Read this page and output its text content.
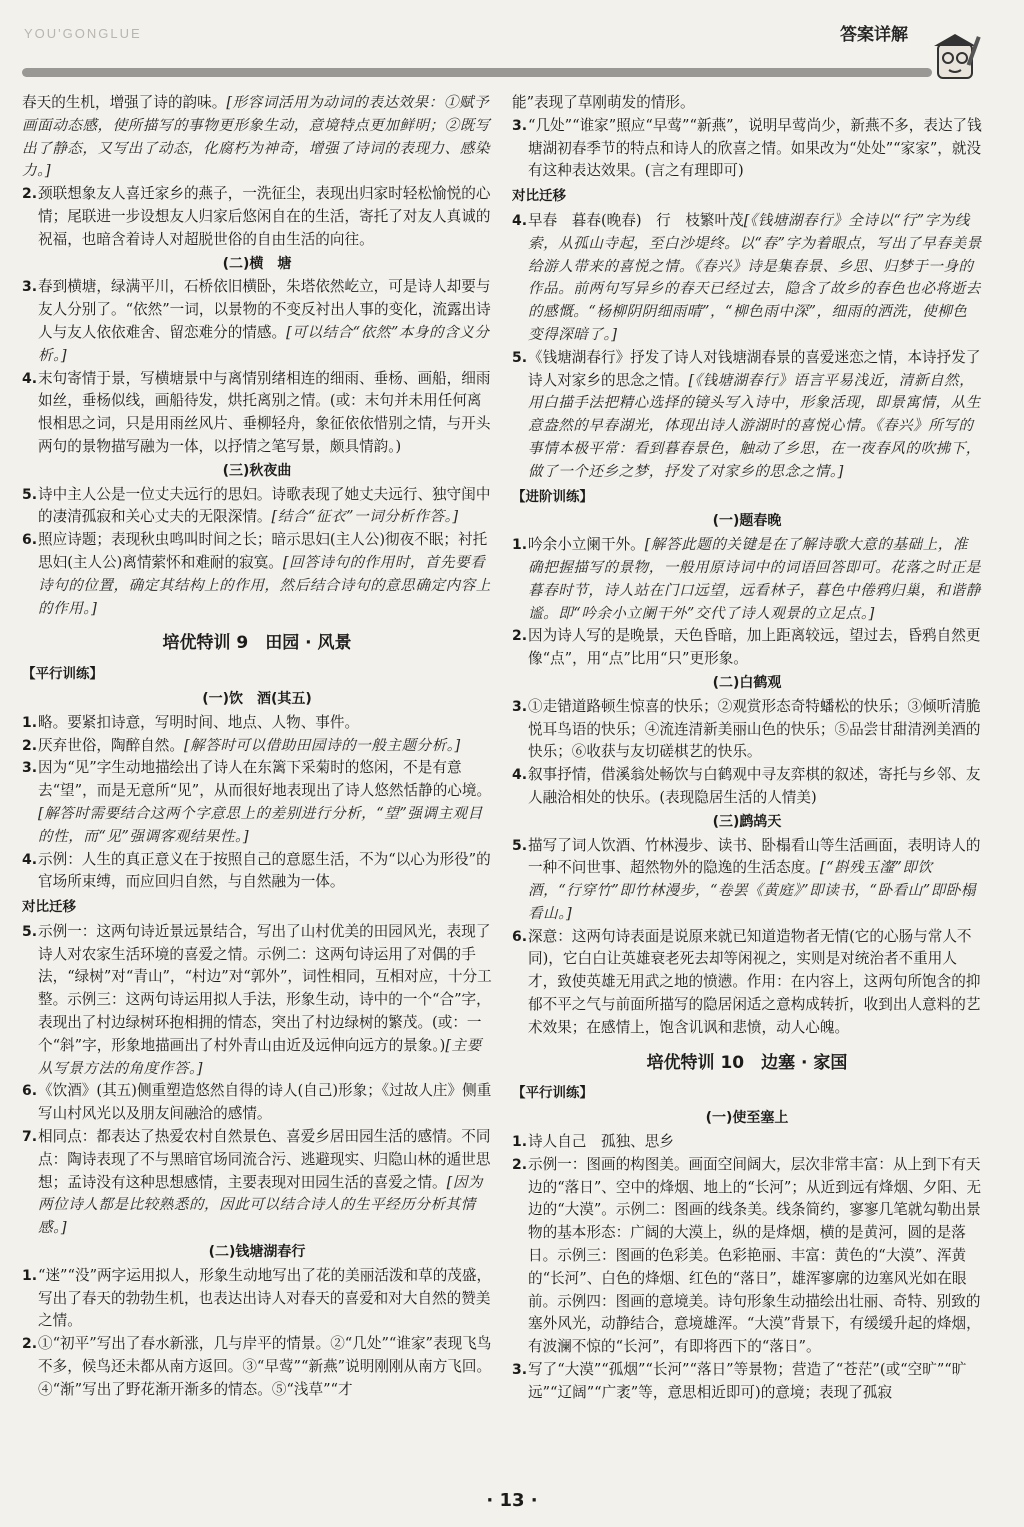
YOU'GONGLUE	答案详解
春天的生机，增强了诗的韵味。[形容词活用为动词的表达效果：①赋予画面动态感，使所描写的事物更形象生动，意境特点更加鲜明；②既写出了静态，又写出了动态，化腐朽为神奇，增强了诗词的表现力、感染力。]
2. 颈联想象友人喜迁家乡的燕子，一洗征尘，表现出归家时轻松愉悦的心情；尾联进一步设想友人归家后悠闲自在的生活，寄托了对友人真诚的祝福，也暗含着诗人对超脱世俗的自由生活的向往。
(二)横　塘
3. 春到横塘，绿满平川，石桥依旧横卧，朱塔依然屹立，可是诗人却要与友人分别了。“依然”一词，以景物的不变反衬出人事的变化，流露出诗人与友人依依难舍、留恋难分的情感。[可以结合“依然”本身的含义分析。]
4. 末句寄情于景，写横塘景中与离情别绪相连的细雨、垂杨、画船，细雨如丝，垂杨似线，画船待发，烘托离别之情。(或：末句并未用任何离恨相思之词，只是用雨丝风片、垂柳轻舟，象征依依惜别之情，与开头两句的景物描写融为一体，以抒情之笔写景，颇具情韵。)
(三)秋夜曲
5. 诗中主人公是一位丈夫远行的思妇。诗歌表现了她丈夫远行、独守闺中的凄清孤寂和关心丈夫的无限深情。[结合“征衣”一词分析作答。]
6. 照应诗题；表现秋虫鸣叫时间之长；暗示思妇(主人公)彻夜不眠；衬托思妇(主人公)离情萦怀和难耐的寂寞。[回答诗句的作用时，首先要看诗句的位置，确定其结构上的作用，然后结合诗句的意思确定内容上的作用。]
培优特训 9　田园 · 风景
【平行训练】
(一)饮　酒(其五)
1. 略。要紧扣诗意，写明时间、地点、人物、事件。
2. 厌弃世俗，陶醉自然。[解答时可以借助田园诗的一般主题分析。]
3. 因为“见”字生动地描绘出了诗人在东篱下采菊时的悠闲，不是有意去“望”，而是无意所“见”，从而很好地表现出了诗人悠然恬静的心境。[解答时需要结合这两个字意思上的差别进行分析，“望”强调主观目的性，而“见”强调客观结果性。]
4. 示例：人生的真正意义在于按照自己的意愿生活，不为“以心为形役”的官场所束缚，而应回归自然，与自然融为一体。
对比迁移
5. 示例一：这两句诗近景远景结合，写出了山村优美的田园风光，表现了诗人对农家生活环境的喜爱之情。示例二：这两句诗运用了对偶的手法，“绿树”对“青山”，“村边”对“郭外”，词性相同，互相对应，十分工整。示例三：这两句诗运用拟人手法，形象生动，诗中的一个“合”字，表现出了村边绿树环抱相拥的情态，突出了村边绿树的繁茂。(或：一个“斜”字，形象地描画出了村外青山由近及远伸向远方的景象。)[主要从写景方法的角度作答。]
6. 《饮酒》(其五)侧重塑造悠然自得的诗人(自己)形象；《过故人庄》侧重写山村风光以及朋友间融洽的感情。
7. 相同点：都表达了热爱农村自然景色、喜爱乡居田园生活的感情。不同点：陶诗表现了不与黑暗官场同流合污、逃避现实、归隐山林的遁世思想；孟诗没有这种思想感情，主要表现对田园生活的喜爱之情。[因为两位诗人都是比较熟悉的，因此可以结合诗人的生平经历分析其情感。]
(二)钱塘湖春行
1. “迷”“没”两字运用拟人，形象生动地写出了花的美丽活泼和草的茂盛，写出了春天的勃勃生机，也表达出诗人对春天的喜爱和对大自然的赞美之情。
2. ①“初平”写出了春水新涨，几与岸平的情景。②“几处”“谁家”表现飞鸟不多，候鸟还未都从南方返回。③“早莺”“新燕”说明刚刚从南方飞回。④“渐”写出了野花渐开渐多的情态。⑤“浅草”“才
能”表现了草刚萌发的情形。
3. “几处”“谁家”照应“早莺”“新燕”，说明早莺尚少，新燕不多，表达了钱塘湖初春季节的特点和诗人的欣喜之情。如果改为“处处”“家家”，就没有这种表达效果。(言之有理即可)
对比迁移
4. 早春　暮春(晚春)　行　枝繁叶茂[《钱塘湖春行》全诗以“行”字为线索，从孤山寺起，至白沙堤终。以“春”字为着眼点，写出了早春美景给游人带来的喜悦之情。《春兴》诗是集春景、乡思、归梦于一身的作品。前两句写异乡的春天已经过去，隐含了故乡的春色也必将逝去的感慨。“杨柳阴阴细雨晴”，“柳色雨中深”，细雨的洒洗，使柳色变得深暗了。]
5. 《钱塘湖春行》抒发了诗人对钱塘湖春景的喜爱迷恋之情，本诗抒发了诗人对家乡的思念之情。[《钱塘湖春行》语言平易浅近，清新自然，用白描手法把精心选择的镜头写入诗中，形象活现，即景寓情，从生意盎然的早春湖光，体现出诗人游湖时的喜悦心情。《春兴》所写的事情本极平常：看到暮春景色，触动了乡思，在一夜春风的吹拂下，做了一个还乡之梦，抒发了对家乡的思念之情。]
【进阶训练】
(一)题春晚
1. 吟余小立阑干外。[解答此题的关键是在了解诗歌大意的基础上，准确把握描写的景物，一般用原诗词中的词语回答即可。花落之时正是暮春时节，诗人站在门口远望，远看林子，暮色中倦鸦归巢，和谐静谧。即“吟余小立阑干外”交代了诗人观景的立足点。]
2. 因为诗人写的是晚景，天色昏暗，加上距离较远，望过去，昏鸦自然更像“点”，用“点”比用“只”更形象。
(二)白鹤观
3. ①走错道路顿生惊喜的快乐；②观赏形态奇特蟠松的快乐；③倾听清脆悦耳鸟语的快乐；④流连清新美丽山色的快乐；⑤品尝甘甜清洌美酒的快乐；⑥收获与友切磋棋艺的快乐。
4. 叙事抒情，借溪翁处畅饮与白鹤观中寻友弈棋的叙述，寄托与乡邻、友人融洽相处的快乐。(表现隐居生活的人情美)
(三)鹧鸪天
5. 描写了词人饮酒、竹林漫步、读书、卧榻看山等生活画面，表明诗人的一种不问世事、超然物外的隐逸的生活态度。[“斟残玉瀣”即饮酒，“行穿竹”即竹林漫步，“卷罢《黄庭》”即读书，“卧看山”即卧榻看山。]
6. 深意：这两句诗表面是说原来就已知道造物者无情(它的心肠与常人不同)，它白白让英雄衰老死去却等闲视之，实则是对统治者不重用人才，致使英雄无用武之地的愤懑。作用：在内容上，这两句所饱含的抑郁不平之气与前面所描写的隐居闲适之意构成转折，收到出人意料的艺术效果；在感情上，饱含讥讽和悲愤，动人心魄。
培优特训 10　边塞 · 家国
【平行训练】
(一)使至塞上
1. 诗人自己　孤独、思乡
2. 示例一：图画的构图美。画面空间阔大，层次非常丰富：从上到下有天边的“落日”、空中的烽烟、地上的“长河”；从近到远有烽烟、夕阳、无边的“大漠”。示例二：图画的线条美。线条简约，寥寥几笔就勾勒出景物的基本形态：广阔的大漠上，纵的是烽烟，横的是黄河，圆的是落日。示例三：图画的色彩美。色彩艳丽、丰富：黄色的“大漠”、浑黄的“长河”、白色的烽烟、红色的“落日”，雄浑寥廓的边塞风光如在眼前。示例四：图画的意境美。诗句形象生动描绘出壮丽、奇特、别致的塞外风光，动静结合，意境雄浑。“大漠”背景下，有缓缓升起的烽烟，有波澜不惊的“长河”，有即将西下的“落日”。
3. 写了“大漠”“孤烟”“长河”“落日”等景物；营造了“苍茫”(或“空旷”“旷远”“辽阔”“广袤”等，意思相近即可)的意境；表现了孤寂
· 13 ·
